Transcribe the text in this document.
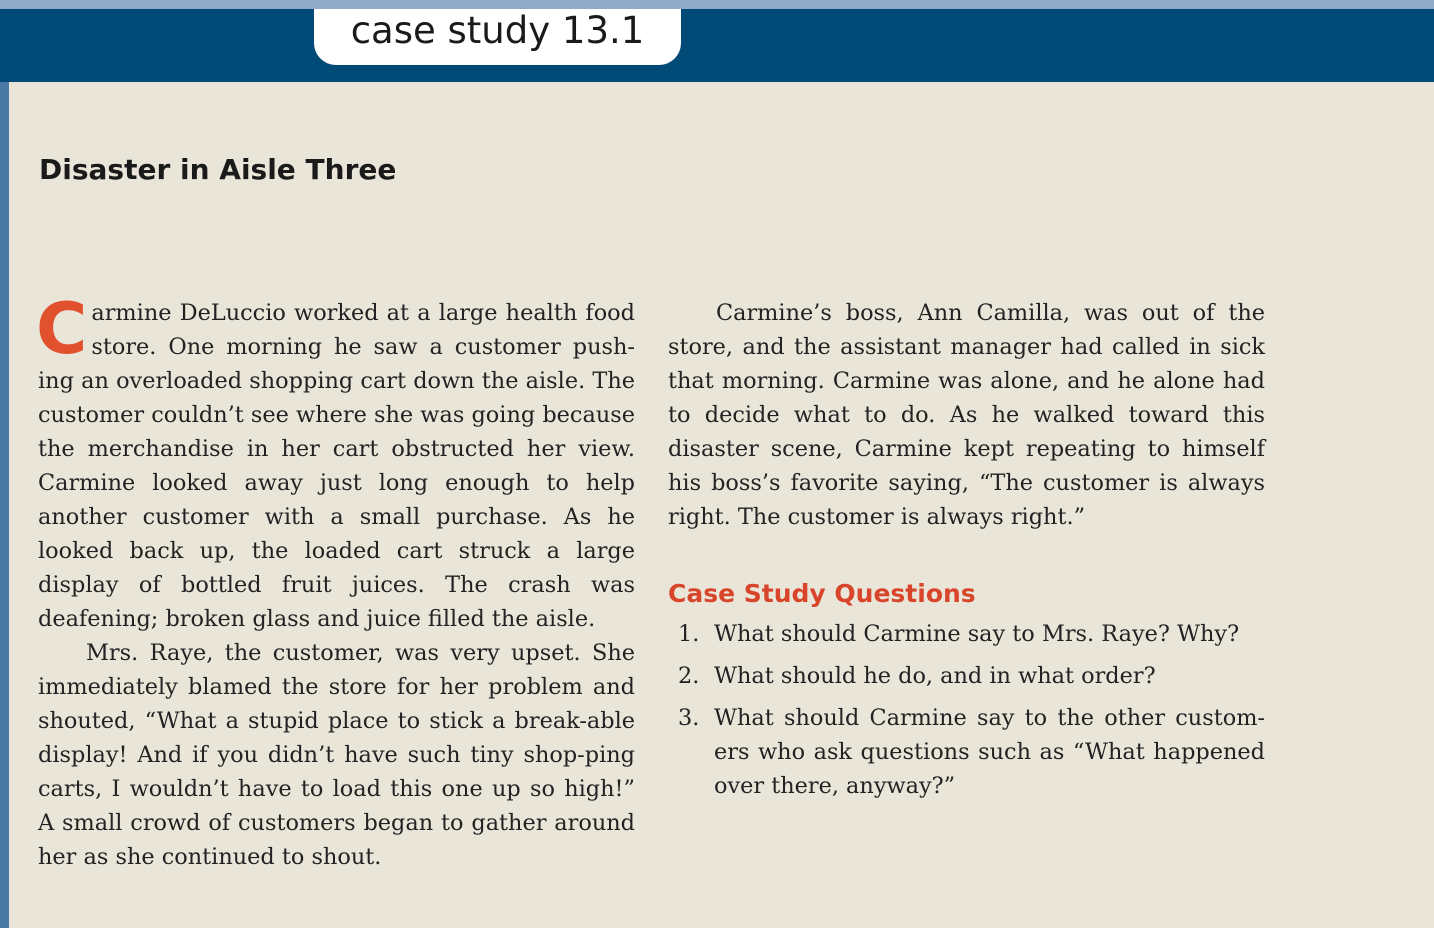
case study 13.1
Disaster in Aisle Three

Carmine DeLuccio worked at a large health food store. One morning he saw a customer push-ing an overloaded shopping cart down the aisle. The customer couldn’t see where she was going because the merchandise in her cart obstructed her view. Carmine looked away just long enough to help another customer with a small purchase. As he looked back up, the loaded cart struck a large display of bottled fruit juices. The crash was deafening; broken glass and juice filled the aisle.

Mrs. Raye, the customer, was very upset. She immediately blamed the store for her problem and shouted, “What a stupid place to stick a break-able display! And if you didn’t have such tiny shop-ping carts, I wouldn’t have to load this one up so high!” A small crowd of customers began to gather around her as she continued to shout.

Carmine’s boss, Ann Camilla, was out of the store, and the assistant manager had called in sick that morning. Carmine was alone, and he alone had to decide what to do. As he walked toward this disaster scene, Carmine kept repeating to himself his boss’s favorite saying, “The customer is always right. The customer is always right.”

Case Study Questions
1. What should Carmine say to Mrs. Raye? Why?
2. What should he do, and in what order?
3. What should Carmine say to the other custom-ers who ask questions such as “What happened over there, anyway?”
